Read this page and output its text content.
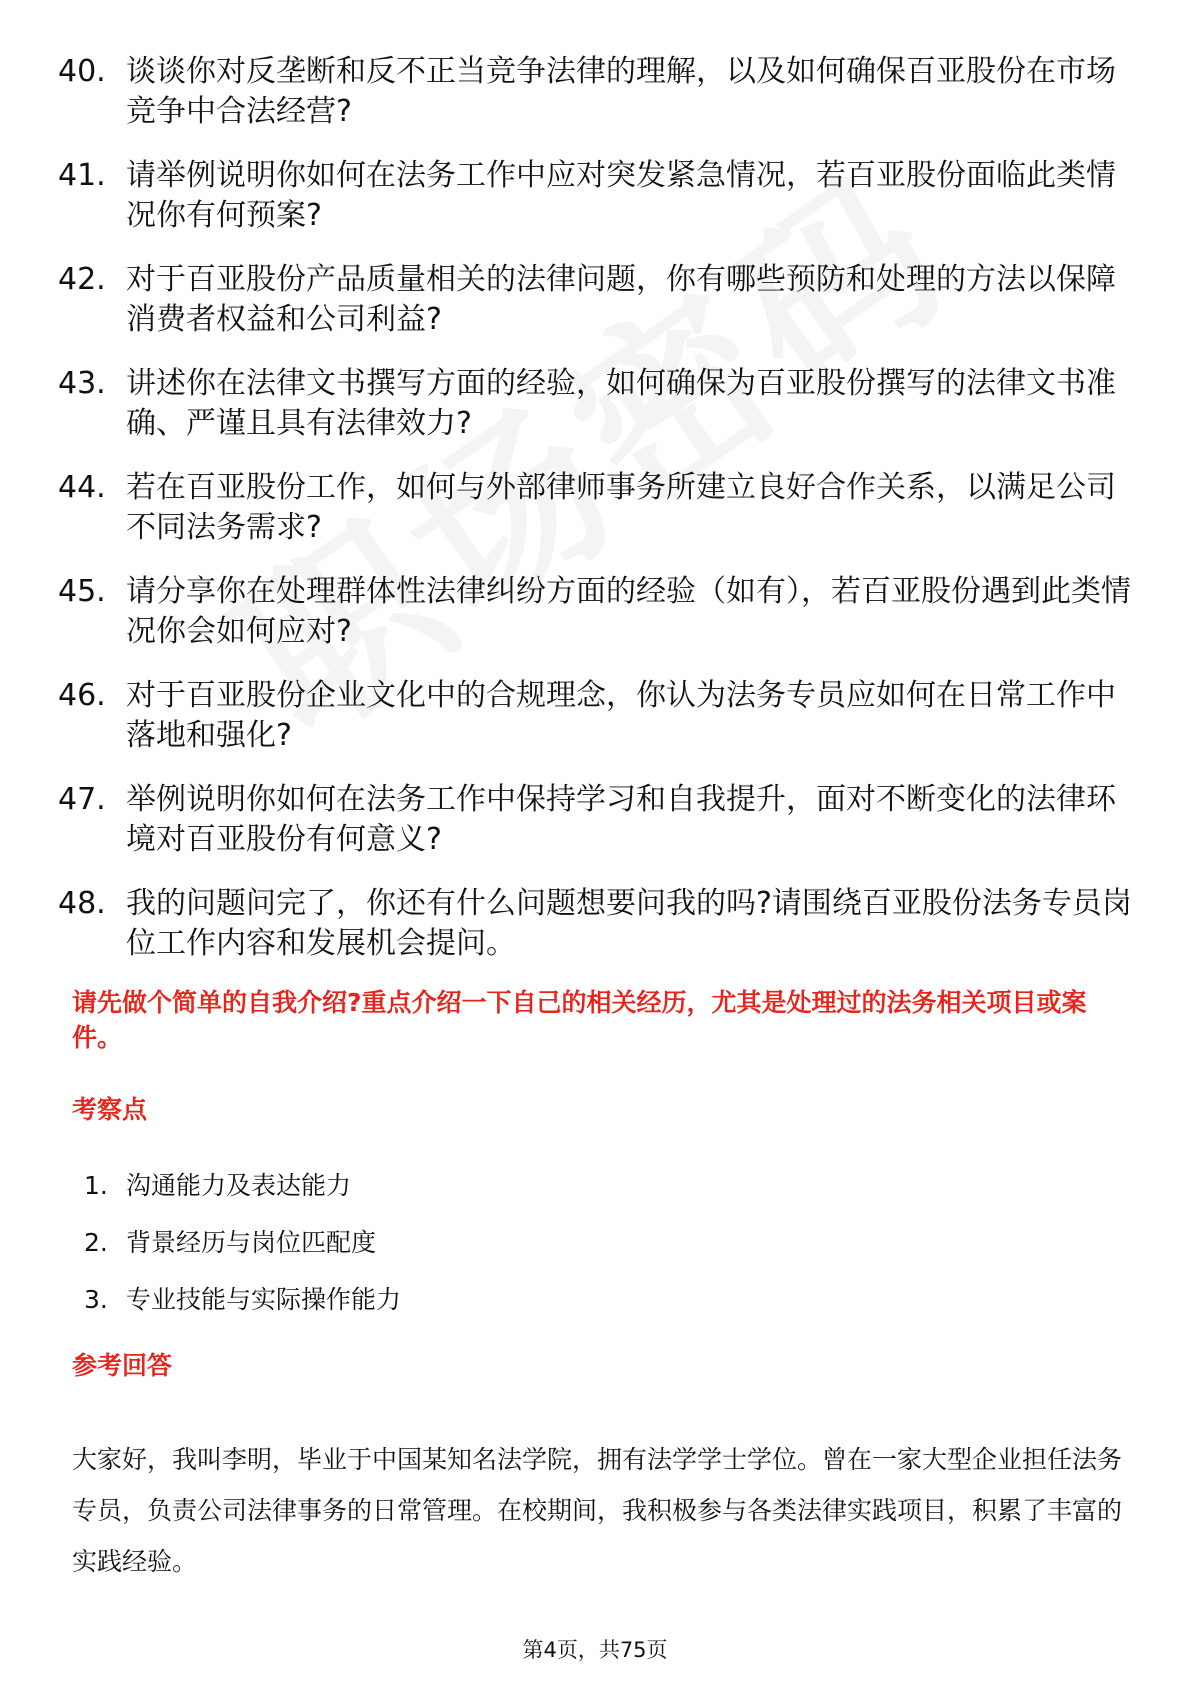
40. 谈谈你对反垄断和反不正当竞争法律的理解，以及如何确保百亚股份在市场竞争中合法经营?
41. 请举例说明你如何在法务工作中应对突发紧急情况，若百亚股份面临此类情况你有何预案?
42. 对于百亚股份产品质量相关的法律问题，你有哪些预防和处理的方法以保障消费者权益和公司利益?
43. 讲述你在法律文书撰写方面的经验，如何确保为百亚股份撰写的法律文书准确、严谨且具有法律效力?
44. 若在百亚股份工作，如何与外部律师事务所建立良好合作关系，以满足公司不同法务需求?
45. 请分享你在处理群体性法律纠纷方面的经验（如有），若百亚股份遇到此类情况你会如何应对?
46. 对于百亚股份企业文化中的合规理念，你认为法务专员应如何在日常工作中落地和强化?
47. 举例说明你如何在法务工作中保持学习和自我提升，面对不断变化的法律环境对百亚股份有何意义?
48. 我的问题问完了，你还有什么问题想要问我的吗?请围绕百亚股份法务专员岗位工作内容和发展机会提问。

请先做个简单的自我介绍?重点介绍一下自己的相关经历，尤其是处理过的法务相关项目或案件。

考察点
1. 沟通能力及表达能力
2. 背景经历与岗位匹配度
3. 专业技能与实际操作能力
参考回答

大家好，我叫李明，毕业于中国某知名法学院，拥有法学学士学位。曾在一家大型企业担任法务专员，负责公司法律事务的日常管理。在校期间，我积极参与各类法律实践项目，积累了丰富的实践经验。

第4页，共75页
